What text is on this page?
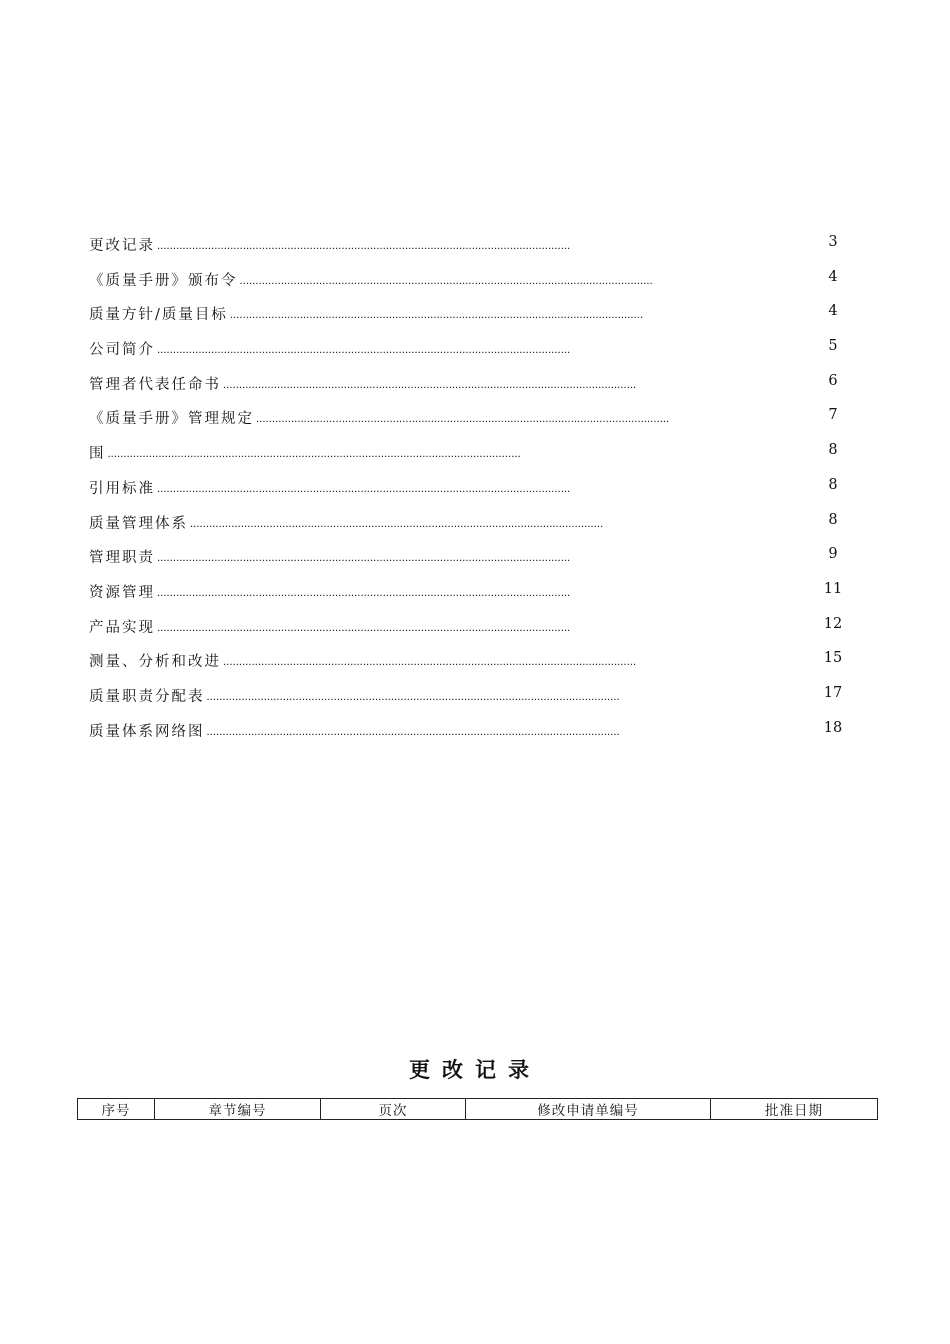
更改记录 ··································································································································	3
《质量手册》颁布令 ··································································································································	4
质量方针/质量目标 ··································································································································	4
公司简介 ··································································································································	5
管理者代表任命书 ··································································································································	6
《质量手册》管理规定 ··································································································································	7
围 ··································································································································	8
引用标准 ··································································································································	8
质量管理体系 ··································································································································	8
管理职责 ··································································································································	9
资源管理 ··································································································································	11
产品实现 ··································································································································	12
测量、分析和改进 ··································································································································	15
质量职责分配表 ··································································································································	17
质量体系网络图 ··································································································································	18
更改记录
序号	章节编号	页次	修改申请单编号	批准日期
